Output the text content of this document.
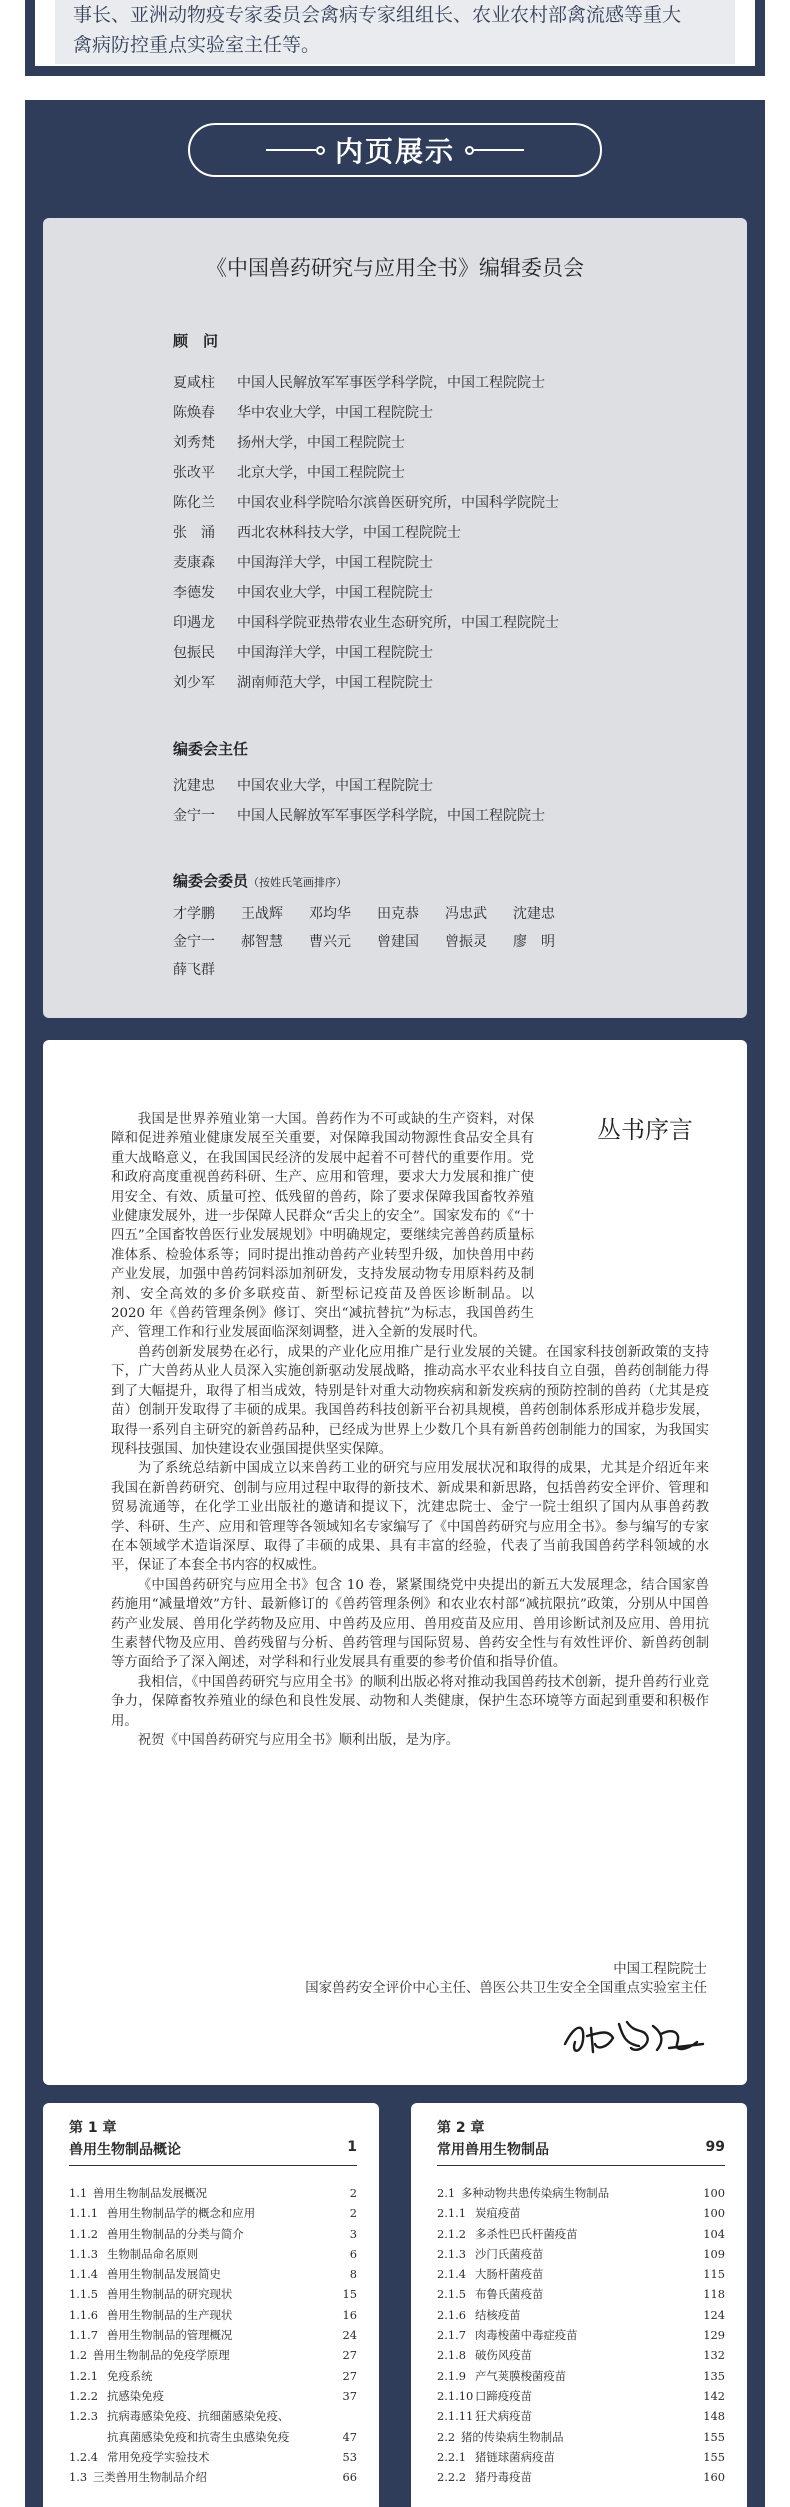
事长、亚洲动物疫专家委员会禽病专家组组长、农业农村部禽流感等重大

禽病防控重点实验室主任等。

内页展示
《中国兽药研究与应用全书》编辑委员会
顾　问
夏咸柱 中国人民解放军军事医学科学院，中国工程院院士
陈焕春 华中农业大学，中国工程院院士
刘秀梵 扬州大学，中国工程院院士
张改平 北京大学，中国工程院院士
陈化兰 中国农业科学院哈尔滨兽医研究所，中国科学院院士
张　涌 西北农林科技大学，中国工程院院士
麦康森 中国海洋大学，中国工程院院士
李德发 中国农业大学，中国工程院院士
印遇龙 中国科学院亚热带农业生态研究所，中国工程院院士
包振民 中国海洋大学，中国工程院院士
刘少军 湖南师范大学，中国工程院院士
编委会主任
沈建忠 中国农业大学，中国工程院院士
金宁一 中国人民解放军军事医学科学院，中国工程院院士
编委会委员（按姓氏笔画排序）
才学鹏	王战辉	邓均华	田克恭	冯忠武	沈建忠
金宁一	郝智慧	曹兴元	曾建国	曾振灵	廖　明
薛飞群
丛书序言

我国是世界养殖业第一大国。兽药作为不可或缺的生产资料，对保障和促进养殖业健康发展至关重要，对保障我国动物源性食品安全具有重大战略意义，在我国国民经济的发展中起着不可替代的重要作用。党和政府高度重视兽药科研、生产、应用和管理，要求大力发展和推广使用安全、有效、质量可控、低残留的兽药，除了要求保障我国畜牧养殖业健康发展外，进一步保障人民群众“舌尖上的安全”。国家发布的《“十四五”全国畜牧兽医行业发展规划》中明确规定，要继续完善兽药质量标准体系、检验体系等；同时提出推动兽药产业转型升级，加快兽用中药产业发展，加强中兽药饲料添加剂研发，支持发展动物专用原料药及制剂、安全高效的多价多联疫苗、新型标记疫苗及兽医诊断制品。以 2020 年《兽药管理条例》修订、突出“减抗替抗”为标志，我国兽药生产、管理工作和行业发展面临深刻调整，进入全新的发展时代。

兽药创新发展势在必行，成果的产业化应用推广是行业发展的关键。在国家科技创新政策的支持下，广大兽药从业人员深入实施创新驱动发展战略，推动高水平农业科技自立自强，兽药创制能力得到了大幅提升，取得了相当成效，特别是针对重大动物疾病和新发疾病的预防控制的兽药（尤其是疫苗）创制开发取得了丰硕的成果。我国兽药科技创新平台初具规模，兽药创制体系形成并稳步发展，取得一系列自主研究的新兽药品种，已经成为世界上少数几个具有新兽药创制能力的国家，为我国实现科技强国、加快建设农业强国提供坚实保障。

为了系统总结新中国成立以来兽药工业的研究与应用发展状况和取得的成果，尤其是介绍近年来我国在新兽药研究、创制与应用过程中取得的新技术、新成果和新思路，包括兽药安全评价、管理和贸易流通等，在化学工业出版社的邀请和提议下，沈建忠院士、金宁一院士组织了国内从事兽药教学、科研、生产、应用和管理等各领域知名专家编写了《中国兽药研究与应用全书》。参与编写的专家在本领域学术造诣深厚、取得了丰硕的成果、具有丰富的经验，代表了当前我国兽药学科领域的水平，保证了本套全书内容的权威性。

《中国兽药研究与应用全书》包含 10 卷，紧紧围绕党中央提出的新五大发展理念，结合国家兽药施用“减量增效”方针、最新修订的《兽药管理条例》和农业农村部“减抗限抗”政策，分别从中国兽药产业发展、兽用化学药物及应用、中兽药及应用、兽用疫苗及应用、兽用诊断试剂及应用、兽用抗生素替代物及应用、兽药残留与分析、兽药管理与国际贸易、兽药安全性与有效性评价、新兽药创制等方面给予了深入阐述，对学科和行业发展具有重要的参考价值和指导价值。

我相信，《中国兽药研究与应用全书》的顺利出版必将对推动我国兽药技术创新，提升兽药行业竞争力，保障畜牧养殖业的绿色和良性发展、动物和人类健康，保护生态环境等方面起到重要和积极作用。

祝贺《中国兽药研究与应用全书》顺利出版，是为序。

中国工程院院士
国家兽药安全评价中心主任、兽医公共卫生安全全国重点实验室主任
第 1 章
兽用生物制品概论	1
1.1 兽用生物制品发展概况	2
1.1.1 兽用生物制品学的概念和应用	2
1.1.2 兽用生物制品的分类与简介	3
1.1.3 生物制品命名原则	6
1.1.4 兽用生物制品发展简史	8
1.1.5 兽用生物制品的研究现状	15
1.1.6 兽用生物制品的生产现状	16
1.1.7 兽用生物制品的管理概况	24
1.2 兽用生物制品的免疫学原理	27
1.2.1 免疫系统	27
1.2.2 抗感染免疫	37
1.2.3 抗病毒感染免疫、抗细菌感染免疫、
抗真菌感染免疫和抗寄生虫感染免疫	47
1.2.4 常用免疫学实验技术	53
1.3 三类兽用生物制品介绍	66
第 2 章
常用兽用生物制品	99
2.1 多种动物共患传染病生物制品	100
2.1.1 炭疽疫苗	100
2.1.2 多杀性巴氏杆菌疫苗	104
2.1.3 沙门氏菌疫苗	109
2.1.4 大肠杆菌疫苗	115
2.1.5 布鲁氏菌疫苗	118
2.1.6 结核疫苗	124
2.1.7 肉毒梭菌中毒症疫苗	129
2.1.8 破伤风疫苗	132
2.1.9 产气荚膜梭菌疫苗	135
2.1.10 口蹄疫疫苗	142
2.1.11 狂犬病疫苗	148
2.2 猪的传染病生物制品	155
2.2.1 猪链球菌病疫苗	155
2.2.2 猪丹毒疫苗	160
